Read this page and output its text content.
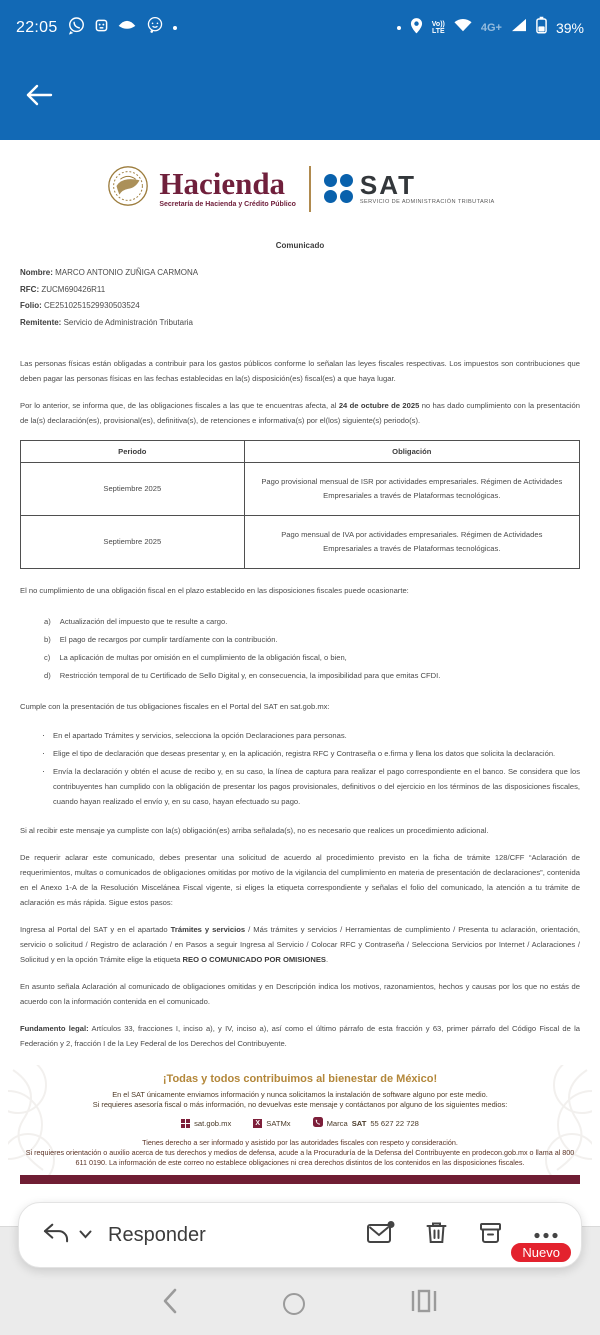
22:05	Vo))
LTE	4G+	39%
Hacienda
Secretaría de Hacienda y Crédito Público
SAT
SERVICIO DE ADMINISTRACIÓN TRIBUTARIA
Comunicado
Nombre: MARCO ANTONIO ZUÑIGA CARMONA
RFC: ZUCM690426R11
Folio: CE2510251529930503524
Remitente: Servicio de Administración Tributaria

Las personas físicas están obligadas a contribuir para los gastos públicos conforme lo señalan las leyes fiscales respectivas. Los impuestos son contribuciones que deben pagar las personas físicas en las fechas establecidas en la(s) disposición(es) fiscal(es) a que haya lugar.

Por lo anterior, se informa que, de las obligaciones fiscales a las que te encuentras afecta, al 24 de octubre de 2025 no has dado cumplimiento con la presentación de la(s) declaración(es), provisional(es), definitiva(s), de retenciones e informativa(s) por el(los) siguiente(s) periodo(s).

Periodo	Obligación
Septiembre 2025	Pago provisional mensual de ISR por actividades empresariales. Régimen de Actividades Empresariales a través de Plataformas tecnológicas.
Septiembre 2025	Pago mensual de IVA por actividades empresariales. Régimen de Actividades Empresariales a través de Plataformas tecnológicas.

El no cumplimiento de una obligación fiscal en el plazo establecido en las disposiciones fiscales puede ocasionarte:

a) Actualización del impuesto que te resulte a cargo.
b) El pago de recargos por cumplir tardíamente con la contribución.
c) La aplicación de multas por omisión en el cumplimiento de la obligación fiscal, o bien,
d) Restricción temporal de tu Certificado de Sello Digital y, en consecuencia, la imposibilidad para que emitas CFDI.

Cumple con la presentación de tus obligaciones fiscales en el Portal del SAT en sat.gob.mx:

· En el apartado Trámites y servicios, selecciona la opción Declaraciones para personas.
· Elige el tipo de declaración que deseas presentar y, en la aplicación, registra RFC y Contraseña o e.firma y llena los datos que solicita la declaración.
· Envía la declaración y obtén el acuse de recibo y, en su caso, la línea de captura para realizar el pago correspondiente en el banco. Se considera que los contribuyentes han cumplido con la obligación de presentar los pagos provisionales, definitivos o del ejercicio en los términos de las disposiciones fiscales, cuando hayan realizado el envío y, en su caso, hayan efectuado su pago.

Si al recibir este mensaje ya cumpliste con la(s) obligación(es) arriba señalada(s), no es necesario que realices un procedimiento adicional.

De requerir aclarar este comunicado, debes presentar una solicitud de acuerdo al procedimiento previsto en la ficha de trámite 128/CFF “Aclaración de requerimientos, multas o comunicados de obligaciones omitidas por motivo de la vigilancia del cumplimiento en materia de presentación de declaraciones”, contenida en el Anexo 1-A de la Resolución Miscelánea Fiscal vigente, si eliges la etiqueta correspondiente y señalas el folio del comunicado, la atención a tu trámite de aclaración es más rápida. Sigue estos pasos:

Ingresa al Portal del SAT y en el apartado Trámites y servicios / Más trámites y servicios / Herramientas de cumplimiento / Presenta tu aclaración, orientación, servicio o solicitud / Registro de aclaración / en Pasos a seguir Ingresa al Servicio / Colocar RFC y Contraseña / Selecciona Servicios por Internet / Aclaraciones / Solicitud y en la opción Trámite elige la etiqueta REO O COMUNICADO POR OMISIONES.

En asunto señala Aclaración al comunicado de obligaciones omitidas y en Descripción indica los motivos, razonamientos, hechos y causas por los que no estás de acuerdo con la información contenida en el comunicado.

Fundamento legal: Artículos 33, fracciones I, inciso a), y IV, inciso a), así como el último párrafo de esta fracción y 63, primer párrafo del Código Fiscal de la Federación y 2, fracción I de la Ley Federal de los Derechos del Contribuyente.

¡Todas y todos contribuimos al bienestar de México!
En el SAT únicamente enviamos información y nunca solicitamos la instalación de software alguno por este medio.
Si requieres asesoría fiscal o más información, no devuelvas este mensaje y contáctanos por alguno de los siguientes medios:
sat.gob.mx	X SATMx	Marca SAT 55 627 22 728
Tienes derecho a ser informado y asistido por las autoridades fiscales con respeto y consideración.
Si requieres orientación o auxilio acerca de tus derechos y medios de defensa, acude a la Procuraduría de la Defensa del Contribuyente en prodecon.gob.mx o llama al 800 611 0190. La información de este correo no establece obligaciones ni crea derechos distintos de los contenidos en las disposiciones fiscales.
Responder
Nuevo
